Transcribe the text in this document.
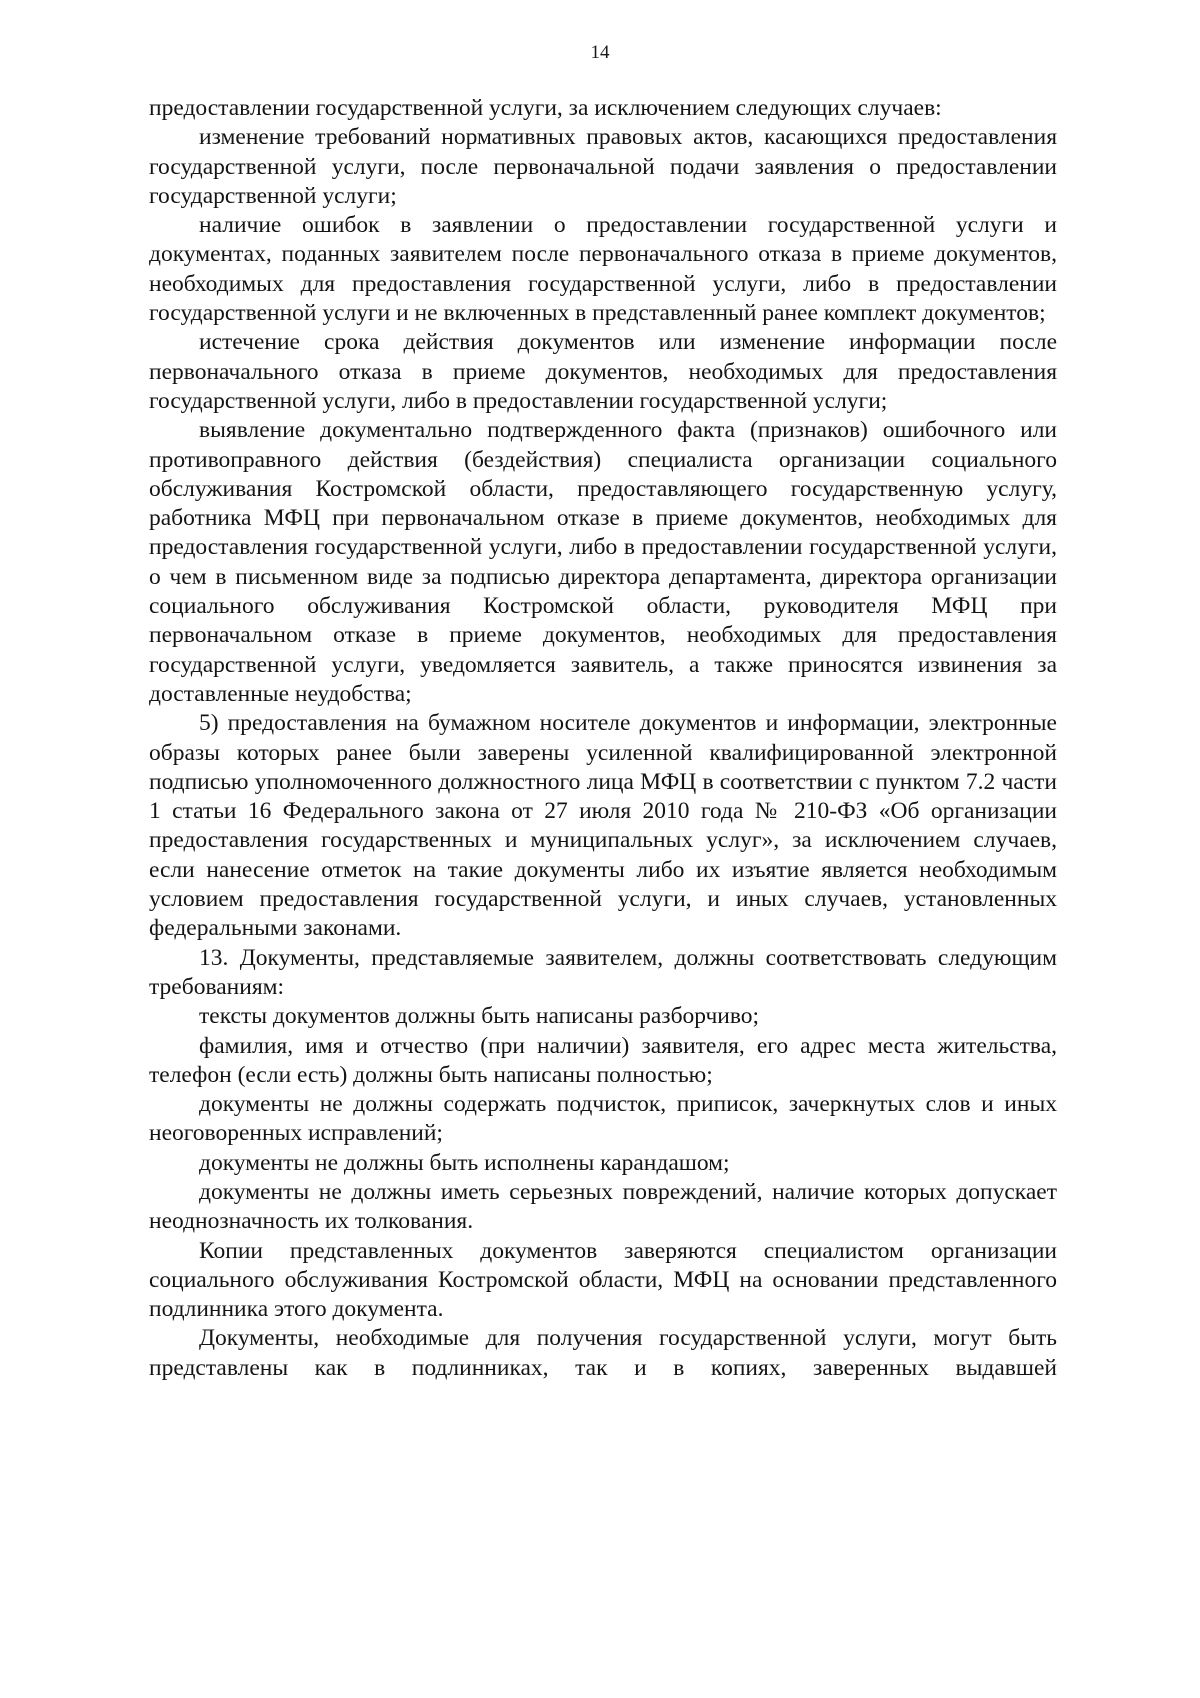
14

предоставлении государственной услуги, за исключением следующих случаев:

изменение требований нормативных правовых актов, касающихся предоставления государственной услуги, после первоначальной подачи заявления о предоставлении государственной услуги;

наличие ошибок в заявлении о предоставлении государственной услуги и документах, поданных заявителем после первоначального отказа в приеме документов, необходимых для предоставления государственной услуги, либо в предоставлении государственной услуги и не включенных в представленный ранее комплект документов;

истечение срока действия документов или изменение информации после первоначального отказа в приеме документов, необходимых для предоставления государственной услуги, либо в предоставлении государственной услуги;

выявление документально подтвержденного факта (признаков) ошибочного или противоправного действия (бездействия) специалиста организации социального обслуживания Костромской области, предоставляющего государственную услугу, работника МФЦ при первоначальном отказе в приеме документов, необходимых для предоставления государственной услуги, либо в предоставлении государственной услуги, о чем в письменном виде за подписью директора департамента, директора организации социального обслуживания Костромской области, руководителя МФЦ при первоначальном отказе в приеме документов, необходимых для предоставления государственной услуги, уведомляется заявитель, а также приносятся извинения за доставленные неудобства;

5) предоставления на бумажном носителе документов и информации, электронные образы которых ранее были заверены усиленной квалифицированной электронной подписью уполномоченного должностного лица МФЦ в соответствии с пунктом 7.2 части 1 статьи 16 Федерального закона от 27 июля 2010 года № 210-ФЗ «Об организации предоставления государственных и муниципальных услуг», за исключением случаев, если нанесение отметок на такие документы либо их изъятие является необходимым условием предоставления государственной услуги, и иных случаев, установленных федеральными законами.

13. Документы, представляемые заявителем, должны соответствовать следующим требованиям:

тексты документов должны быть написаны разборчиво;

фамилия, имя и отчество (при наличии) заявителя, его адрес места жительства, телефон (если есть) должны быть написаны полностью;

документы не должны содержать подчисток, приписок, зачеркнутых слов и иных неоговоренных исправлений;

документы не должны быть исполнены карандашом;

документы не должны иметь серьезных повреждений, наличие которых допускает неоднозначность их толкования.

Копии представленных документов заверяются специалистом организации социального обслуживания Костромской области, МФЦ на основании представленного подлинника этого документа.

Документы, необходимые для получения государственной услуги, могут быть представлены как в подлинниках, так и в копиях, заверенных выдавшей
